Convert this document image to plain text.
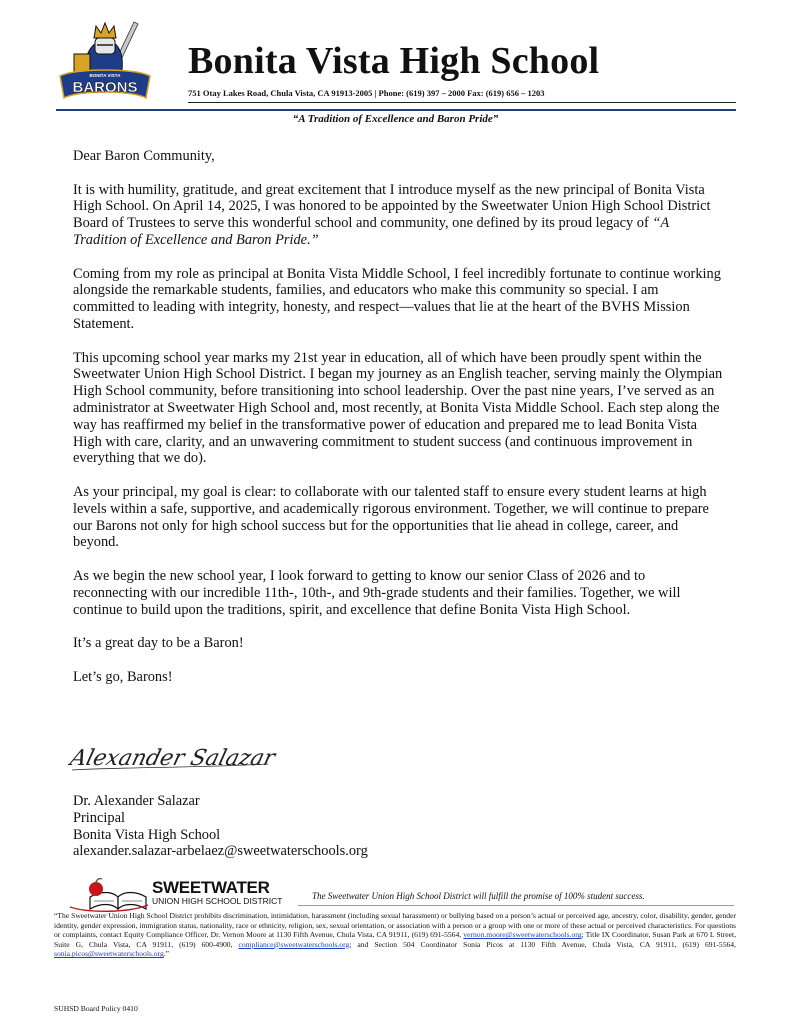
BARONS
BONITA VISTA Bonita Vista High School
751 Otay Lakes Road, Chula Vista, CA 91913-2005 | Phone: (619) 397 – 2000 Fax: (619) 656 – 1203
“A Tradition of Excellence and Baron Pride”

Dear Baron Community,

It is with humility, gratitude, and great excitement that I introduce myself as the new principal of Bonita Vista High School. On April 14, 2025, I was honored to be appointed by the Sweetwater Union High School District Board of Trustees to serve this wonderful school and community, one defined by its proud legacy of “A Tradition of Excellence and Baron Pride.”

Coming from my role as principal at Bonita Vista Middle School, I feel incredibly fortunate to continue working alongside the remarkable students, families, and educators who make this community so special. I am committed to leading with integrity, honesty, and respect—values that lie at the heart of the BVHS Mission Statement.

This upcoming school year marks my 21st year in education, all of which have been proudly spent within the Sweetwater Union High School District. I began my journey as an English teacher, serving mainly the Olympian High School community, before transitioning into school leadership. Over the past nine years, I’ve served as an administrator at Sweetwater High School and, most recently, at Bonita Vista Middle School. Each step along the way has reaffirmed my belief in the transformative power of education and prepared me to lead Bonita Vista High with care, clarity, and an unwavering commitment to student success (and continuous improvement in everything that we do).

As your principal, my goal is clear: to collaborate with our talented staff to ensure every student learns at high levels within a safe, supportive, and academically rigorous environment. Together, we will continue to prepare our Barons not only for high school success but for the opportunities that lie ahead in college, career, and beyond.

As we begin the new school year, I look forward to getting to know our senior Class of 2026 and to reconnecting with our incredible 11th-, 10th-, and 9th-grade students and their families. Together, we will continue to build upon the traditions, spirit, and excellence that define Bonita Vista High School.

It’s a great day to be a Baron!

Let’s go, Barons!

Alexander Salazar
Dr. Alexander Salazar
Principal
Bonita Vista High School
alexander.salazar-arbelaez@sweetwaterschools.org
SWEETWATER
UNION HIGH SCHOOL DISTRICT	The Sweetwater Union High School District will fulfill the promise of 100% student success.
“The Sweetwater Union High School District prohibits discrimination, intimidation, harassment (including sexual harassment) or bullying based on a person’s actual or perceived age, ancestry, color, disability, gender, gender identity, gender expression, immigration status, nationality, race or ethnicity, religion, sex, sexual orientation, or association with a person or a group with one or more of these actual or perceived characteristics. For questions or complaints, contact Equity Compliance Officer, Dr. Vernon Moore at 1130 Fifth Avenue, Chula Vista, CA 91911, (619) 691-5564, vernon.moore@sweetwaterschools.org; Title IX Coordinator, Susan Park at 670 L Street, Suite G, Chula Vista, CA 91911, (619) 600-4900, compliance@sweetwaterschools.org; and Section 504 Coordinator Sonia Picos at 1130 Fifth Avenue, Chula Vista, CA 91911, (619) 691-5564, sonia.picos@sweetwaterschools.org.”
SUHSD Board Policy 0410
